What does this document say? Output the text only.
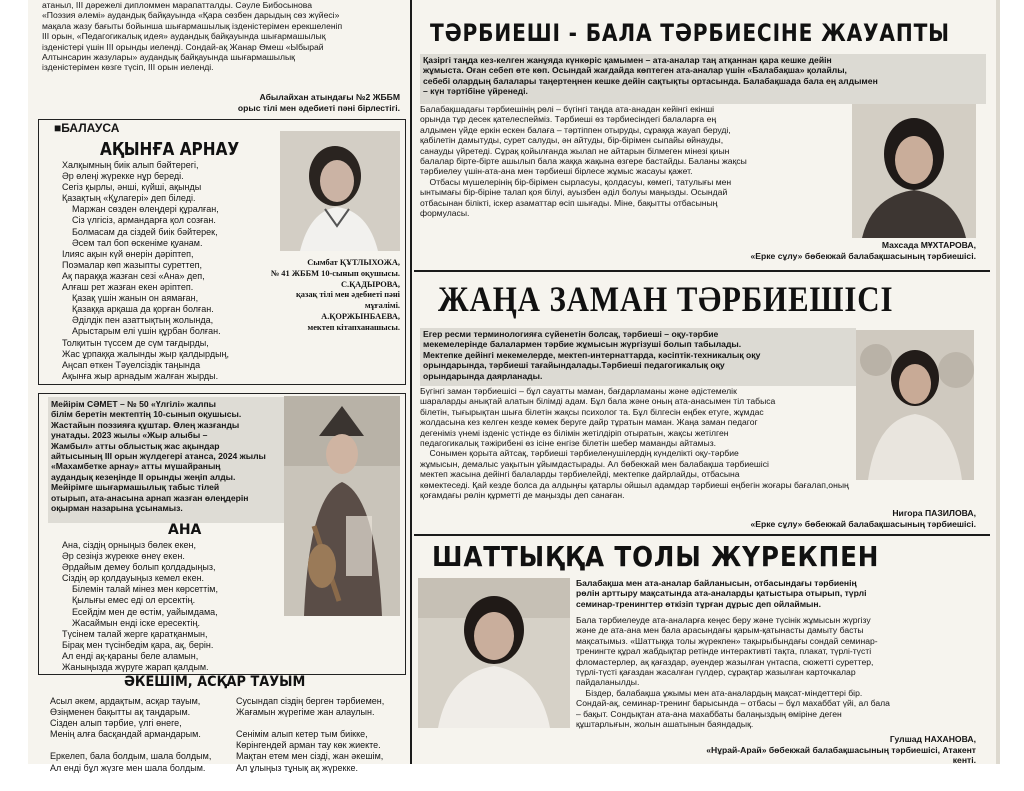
атаныл, III дәрежелі дипломмен марапатталды. Сәуле Бибосынова
«Поэзия әлемі» аудандық байқауында «Қара сөзбен дарыдың сөз жүйесі»
мақала жазу бағыты бойынша шығармашылық ізденістерімен ерекшеленіп
III орын, «Педагогикалық идея» аудандық байқауында шығармашылық
ізденістері үшін III орынды иеленді. Сондай-ақ Жанар Өмеш «Ыбырай
Алтынсарин жазулары» аудандық байқауында шығармашылық
ізденістерімен көзге түсіп, III орын иеленді.
Абылайхан атындағы №2 ЖББМ
орыс тілі мен әдебиеті пәні бірлестігі.
■БАЛАУСА
АҚЫНҒА АРНАУ
Халқымның биік алып бәйтерегі,
Әр өлеңі жүрекке нұр береді.
Сегіз қырлы, әнші, күйші, ақынды
Қазақтың «Құлагері» деп біледі.
Маржан сөзден өлеңдері құралған,
Сіз үлгісіз, армандарға қол созған.
Болмасам да сіздей биік бәйтерек,
Әсем тал боп өскеніме қуанам.
Ілияс ақын күй өнерін дәріптеп,
Поэмалар көп жазыпты суреттеп,
Ақ параққа жазған сезі «Ана» деп,
Алғаш рет жазған екен әріптеп.
Қазақ үшін жанын он аямаған,
Қазаққа арқаша да қорған болған.
Әділдік пен азаттықтың жолында,
Арыстарым елі үшін құрбан болған.
Толқитын түссем де сүм тағдырды,
Жас ұрпаққа жалынды жыр қалдырдың,
Аңсап өткен Тәуелсіздік таңында
Ақынға жыр арнадым жалған жырды.
Сымбат ҚҰТЛЫХОЖА,
№ 41 ЖББМ 10-сынып оқушысы.
С.ҚАДЫРОВА,
қазақ тілі мен әдебиеті пәні
мұғалімі.
А.ҚОРЖЫНБАЕВА,
мектеп кітапханашысы.
Мейірім СӘМЕТ – № 50 «Үлгілі» жалпы
білім беретін мектептің 10-сынып оқушысы.
Жастайын поэзияға құштар. Өлең жазғанды
унатады. 2023 жылы «Жыр алыбы –
Жамбыл» атты облыстық жас ақындар
айтысының III орын жүлдегері атанса, 2024 жылы
«Махамбетке арнау» атты мүшайраның
аудандық кезеңінде II орынды жеңіп алды.
Мейірімге шығармашылық табыс тілей
отырып, ата-анасына арнап жазған өлеңдерін
оқырман назарына ұсынамыз.
АНА
Ана, сіздің орныңыз бөлек екен,
Әр сезіңіз жүрекке өнеү екен.
Әрдайым демеу болып қолдадыңыз,
Сіздің әр қолдауыңыз кемел екен.
Білемін талай мінез мен көрсеттім,
Қылығы емес еді ол ерсектің.
Есейдім мен де өстім, уайымдама,
Жасаймын енді іске ересектің.
Түсінем талай жерге қаратқанмын,
Бірақ мен түсінбедім қара, ақ, берін.
Ал енді ақ-қараны беле аламын,
Жаныңызда жүруге жарап қалдым.
ӘКЕШІМ, АСҚАР ТАУЫМ
Асыл әкем, ардақтым, асқар тауым,
Өзіңменен бақытты ақ таңдарым.
Сізден алып тәрбие, үлгі өнеге,
Менің алға басқандай армандарым.

Еркелеп, бала болдым, шала болдым,
Ал енді бұл жүзге мен шала болдым.
Сусындап сіздің берген тәрбиемен,
Жағамын жүрегіме жан алаулын.

Сенімім алып кетер тым биікке,
Көрінгендей арман тау көк жиекте.
Мақтан етем мен сізді, жан әкешім,
Ал ұлыңыз тұнық ақ жүрекке.
ТӘРБИЕШІ - БАЛА ТӘРБИЕСІНЕ ЖАУАПТЫ
Қазіргі таңда кез-келген жанұяда күнкөріс қамымен – ата-аналар таң атқаннан қара кешке дейін
жұмыста. Оған себеп өте көп. Осындай жағдайда көптеген ата-аналар үшін «Балабақша» қолайлы,
себебі олардың балалары таңертеңнен кешке дейін сақтықты ортасында. Балабақшада бала ең алдымен
– күн тәртібіне үйренеді.
Балабақшадағы тәрбиешінің рөлі – бүгінгі таңда ата-анадан кейінгі екінші
орында тұр десек қателеспейміз. Тәрбиеші өз тәрбиесіндегі балаларға ең
алдымен үйде еркін ескен балаға – тәртіппен отыруды, сұраққа жауап беруді,
қабілетін дамытуды, сурет салуды, ән айтуды, бір-бірімен сыпайы өйнауды,
санауды үйретеді. Сұрақ қойылғанда жылап не айтарын білмеген мінезі қиын
балалар бірте-бірте ашылып бала жаққа жақына өзгере бастайды. Баланы жақсы
тәрбиелеу үшін-ата-ана мен тәрбиеші бірлесе жұмыс жасауы қажет.
Отбасы мүшелерінің бір-бірімен сырласуы, қолдасуы, көмегі, татулығы мен
ынтымағы бір-біріне талап қоя білуі, ауызбен әділ болуы маңызды. Осындай
отбасынан білікті, іскер азаматтар өсіп шығады. Міне, бақытты отбасының
формуласы.
Махсада МҰХТАРОВА,
«Ерке сұлу» бөбекжай балабақшасының тәрбиешісі.
ЖАҢА ЗАМАН ТӘРБИЕШІСІ
Егер ресми терминологияға сүйенетін болсақ, тәрбиеші – оқу-тәрбие
мекемелерінде балалармен тәрбие жұмысын жүргізуші болып табылады.
Мектепке дейінгі мекемелерде, мектеп-интернаттарда, кәсіптік-техникалық оқу
орындарында, тәрбиеші тағайындалады.Тәрбиеші педагогикалық оқу
орындарында даярланады.
Бүгінгі заман тәрбиешісі – бұл сауатты маман, бағдарламаны және әдістемелік
шараларды анықтай алатын білімді адам. Бұл бала және оның ата-анасымен тіл табыса
білетін, тығырықтан шыға білетін жақсы психолог та. Бұл білгесін еңбек етуге, жұмдас
жолдасына кез келген кезде көмек беруге дайр тұратын маман. Жаңа заман педагог
дегеніміз үнемі ізденіс үстінде өз білімін жетілдіріп отыратын, жақсы жетілген
педагогикалық тәжірибені өз ісіне енгізе білетін шебер маманды айтамыз.
Сонымен қорыта айтсақ, тәрбиеші тәрбиеленушілердің күнделікті оқу-тәрбие
жұмысын, демалыс уақытын ұйымдастырады. Ал бөбекжай мен балабақша тәрбиешісі
мектеп жасына дейінгі балаларды тәрбиелейді, мектепке дайрлайды, отбасына
көмектеседі. Қай кезде болса да алдыңғы қатарлы ойшыл адамдар тәрбиеші еңбегін жоғары бағалап,оның
қоғамдағы рөлін құрметті де маңызды деп санаған.
Нигора ПАЗИЛОВА,
«Ерке сұлу» бөбекжай балабақшасының тәрбиешісі.
ШАТТЫҚҚА ТОЛЫ ЖҮРЕКПЕН
Балабақша мен ата-аналар байланысын, отбасындағы тәрбиенің
рөлін арттыру мақсатында ата-аналарды қатыстыра отырып, түрлі
семинар-тренингтер өткізіп тұрған дұрыс деп ойлаймын.
Бала тәрбиелеуде ата-аналарға кеңес беру және түсінік жұмысын жүргізу
және де ата-ана мен бала арасындағы қарым-қатынасты дамыту басты
мақсатымыз. «Шаттыққа толы жүрекпен» тақырыбындағы сондай семинар-
тренингте құрал жабдықтар ретінде интерактивті тақта, плакат, түрлі-түсті
фломастерлер, ақ қағаздар, әуендер жазылған үнтаспа, сюжетті суреттер,
түрлі-түсті қағаздан жасалған гүлдер, сұрақтар жазылған карточкалар
пайдаланылды.
Біздер, балабақша ұжымы мен ата-аналардың мақсат-міндеттері бір.
Сондай-ақ, семинар-тренинг барысында – отбасы – бұл махаббат үйі, ал бала
– бақыт. Сондықтан ата-ана махаббаты балаңыздың өміріне деген
құштарлығын, жолын ашатынын баяндадық.
Гулшад НАХАНОВА,
«Нұрай-Арай» бөбекжай балабақшасының тәрбиешісі, Атакент
кенті.
